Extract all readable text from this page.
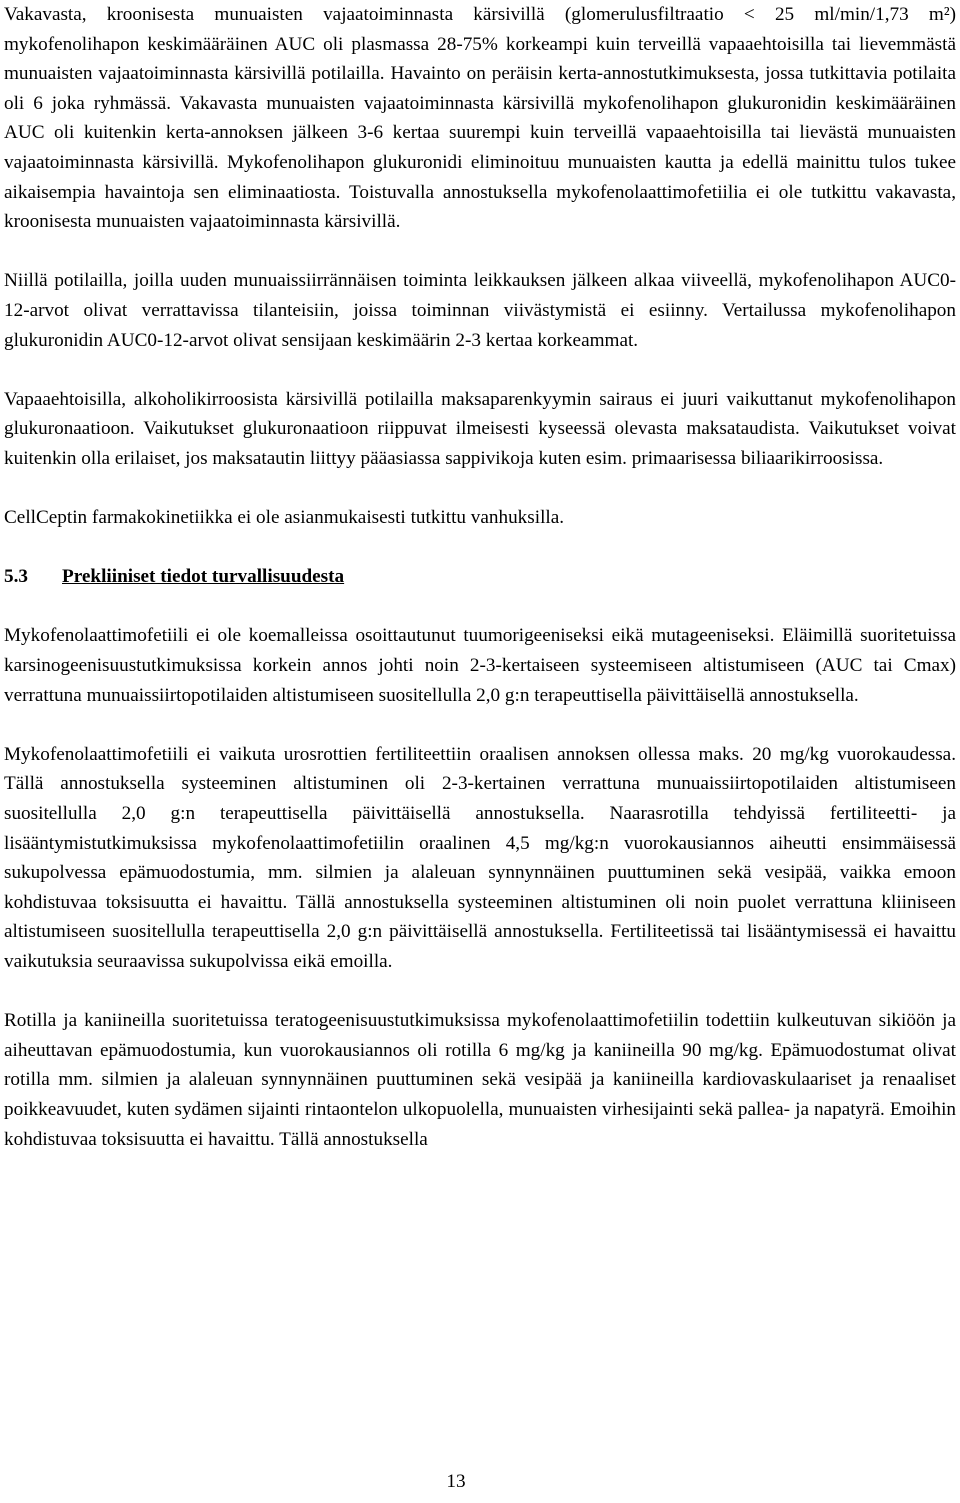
Vakavasta, kroonisesta munuaisten vajaatoiminnasta kärsivillä (glomerulusfiltraatio < 25 ml/min/1,73 m²) mykofenolihapon keskimääräinen AUC oli plasmassa 28-75% korkeampi kuin terveillä vapaaehtoisilla tai lievemmästä munuaisten vajaatoiminnasta kärsivillä potilailla. Havainto on peräisin kerta-annostutkimuksesta, jossa tutkittavia potilaita oli 6 joka ryhmässä. Vakavasta munuaisten vajaatoiminnasta kärsivillä mykofenolihapon glukuronidin keskimääräinen AUC oli kuitenkin kerta-annoksen jälkeen 3-6 kertaa suurempi kuin terveillä vapaaehtoisilla tai lievästä munuaisten vajaatoiminnasta kärsivillä. Mykofenolihapon glukuronidi eliminoituu munuaisten kautta ja edellä mainittu tulos tukee aikaisempia havaintoja sen eliminaatiosta. Toistuvalla annostuksella mykofenolaattimofetiilia ei ole tutkittu vakavasta, kroonisesta munuaisten vajaatoiminnasta kärsivillä.

Niillä potilailla, joilla uuden munuaissiirrännäisen toiminta leikkauksen jälkeen alkaa viiveellä, mykofenolihapon AUC0-12-arvot olivat verrattavissa tilanteisiin, joissa toiminnan viivästymistä ei esiinny. Vertailussa mykofenolihapon glukuronidin AUC0-12-arvot olivat sensijaan keskimäärin 2-3 kertaa korkeammat.

Vapaaehtoisilla, alkoholikirroosista kärsivillä potilailla maksaparenkyymin sairaus ei juuri vaikuttanut mykofenolihapon glukuronaatioon. Vaikutukset glukuronaatioon riippuvat ilmeisesti kyseessä olevasta maksataudista. Vaikutukset voivat kuitenkin olla erilaiset, jos maksatautin liittyy pääasiassa sappivikoja kuten esim. primaarisessa biliaarikirroosissa.

CellCeptin farmakokinetiikka ei ole asianmukaisesti tutkittu vanhuksilla.

5.3 Prekliiniset tiedot turvallisuudesta

Mykofenolaattimofetiili ei ole koemalleissa osoittautunut tuumorigeeniseksi eikä mutageeniseksi. Eläimillä suoritetuissa karsinogeenisuustutkimuksissa korkein annos johti noin 2-3-kertaiseen systeemiseen altistumiseen (AUC tai Cmax) verrattuna munuaissiirtopotilaiden altistumiseen suositellulla 2,0 g:n terapeuttisella päivittäisellä annostuksella.

Mykofenolaattimofetiili ei vaikuta urosrottien fertiliteettiin oraalisen annoksen ollessa maks. 20 mg/kg vuorokaudessa. Tällä annostuksella systeeminen altistuminen oli 2-3-kertainen verrattuna munuaissiirtopotilaiden altistumiseen suositellulla 2,0 g:n terapeuttisella päivittäisellä annostuksella. Naarasrotilla tehdyissä fertiliteetti- ja lisääntymistutkimuksissa mykofenolaattimofetiilin oraalinen 4,5 mg/kg:n vuorokausiannos aiheutti ensimmäisessä sukupolvessa epämuodostumia, mm. silmien ja alaleuan synnynnäinen puuttuminen sekä vesipää, vaikka emoon kohdistuvaa toksisuutta ei havaittu. Tällä annostuksella systeeminen altistuminen oli noin puolet verrattuna kliiniseen altistumiseen suositellulla terapeuttisella 2,0 g:n päivittäisellä annostuksella. Fertiliteetissä tai lisääntymisessä ei havaittu vaikutuksia seuraavissa sukupolvissa eikä emoilla.

Rotilla ja kaniineilla suoritetuissa teratogeenisuustutkimuksissa mykofenolaattimofetiilin todettiin kulkeutuvan sikiöön ja aiheuttavan epämuodostumia, kun vuorokausiannos oli rotilla 6 mg/kg ja kaniineilla 90 mg/kg. Epämuodostumat olivat rotilla mm. silmien ja alaleuan synnynnäinen puuttuminen sekä vesipää ja kaniineilla kardiovaskulaariset ja renaaliset poikkeavuudet, kuten sydämen sijainti rintaontelon ulkopuolella, munuaisten virhesijainti sekä pallea- ja napatyrä. Emoihin kohdistuvaa toksisuutta ei havaittu. Tällä annostuksella

13
